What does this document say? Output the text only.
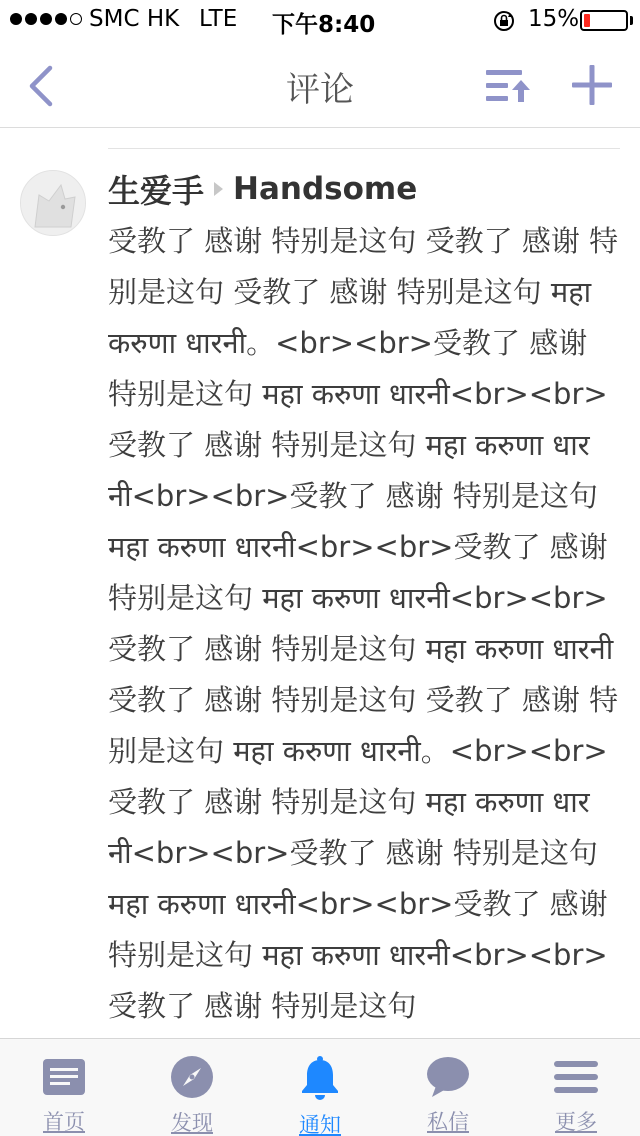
SMC HK LTE 下午8:40	15%
评论
生爱手 Handsome
受教了 感谢 特别是这句 受教了 感谢 特别是这句 受教了 感谢 特别是这句 महा करुणा धारनी。<br><br>受教了 感谢 特别是这句 महा करुणा धारनी<br><br>受教了 感谢 特别是这句 महा करुणा धारनी<br><br>受教了 感谢 特别是这句 महा करुणा धारनी<br><br>受教了 感谢 特别是这句 महा करुणा धारनी<br><br>受教了 感谢 特别是这句 महा करुणा धारनी受教了 感谢 特别是这句 受教了 感谢 特别是这句 महा करुणा धारनी。<br><br>受教了 感谢 特别是这句 महा करुणा धारनी<br><br>受教了 感谢 特别是这句 महा करुणा धारनी<br><br>受教了 感谢 特别是这句 महा करुणा धारनी<br><br>受教了 感谢 特别是这句
首页	发现	通知	私信	更多
